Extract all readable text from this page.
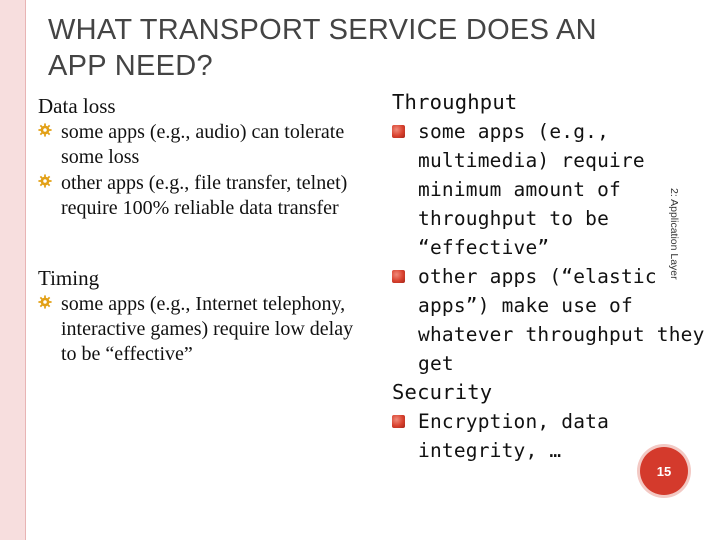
WHAT TRANSPORT SERVICE DOES AN
APP NEED?

Data loss

some apps (e.g., audio) can tolerate some loss
other apps (e.g., file transfer, telnet) require 100% reliable data transfer

Timing

some apps (e.g., Internet telephony, interactive games) require low delay to be “effective”

Throughput

some apps (e.g., multimedia) require minimum amount of throughput to be “effective”
other apps (“elastic apps”) make use of whatever throughput they get

Security

Encryption, data integrity, …
2: Application Layer
15
